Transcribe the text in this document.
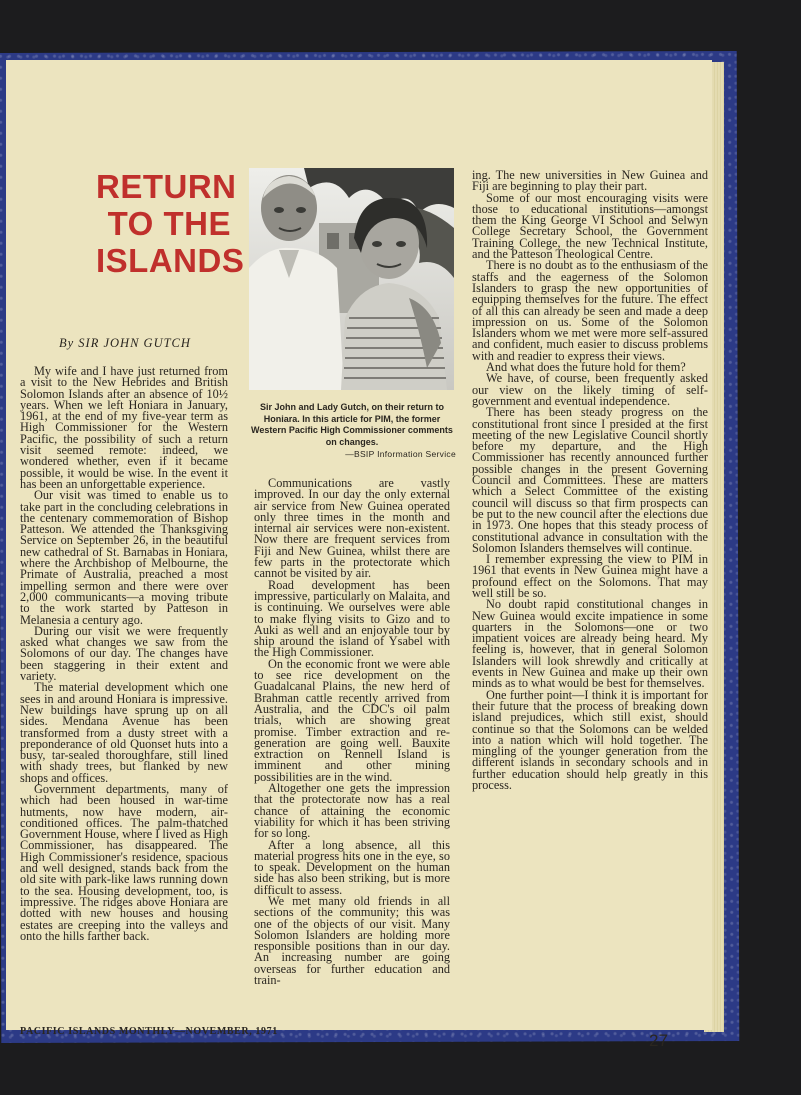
RETURN
TO THE
ISLANDS
By SIR JOHN GUTCH

My wife and I have just returned from a visit to the New Hebrides and British Solomon Islands after an absence of 10½ years. When we left Honiara in January, 1961, at the end of my five-year term as High Commissioner for the Western Pacific, the possibility of such a return visit seemed remote: indeed, we wondered whether, even if it became possible, it would be wise. In the event it has been an unforgettable experience.

Our visit was timed to enable us to take part in the concluding celebrations in the centenary commemoration of Bishop Patteson. We attended the Thanksgiving Service on September 26, in the beautiful new cathedral of St. Barnabas in Honiara, where the Archbishop of Melbourne, the Primate of Australia, preached a most impelling sermon and there were over 2,000 communicants—a moving tribute to the work started by Patteson in Melanesia a century ago.

During our visit we were frequently asked what changes we saw from the Solomons of our day. The changes have been staggering in their extent and variety.

The material development which one sees in and around Honiara is impressive. New buildings have sprung up on all sides. Mendana Avenue has been transformed from a dusty street with a preponderance of old Quonset huts into a busy, tar-sealed thoroughfare, still lined with shady trees, but flanked by new shops and offices.

Government departments, many of which had been housed in war-time hutments, now have modern, air-conditioned offices. The palm-thatched Government House, where I lived as High Commissioner, has disappeared. The High Commissioner's residence, spacious and well designed, stands back from the old site with park-like laws running down to the sea. Housing development, too, is impressive. The ridges above Honiara are dotted with new houses and housing estates are creeping into the valleys and onto the hills farther back.

Sir John and Lady Gutch, on their return to Honiara. In this article for PIM, the former Western Pacific High Commissioner comments on changes.
—BSIP Information Service

Communications are vastly improved. In our day the only external air service from New Guinea operated only three times in the month and internal air services were non-existent. Now there are frequent services from Fiji and New Guinea, whilst there are few parts in the protectorate which cannot be visited by air.

Road development has been impressive, particularly on Malaita, and is continuing. We ourselves were able to make flying visits to Gizo and to Auki as well and an enjoyable tour by ship around the island of Ysabel with the High Commissioner.

On the economic front we were able to see rice development on the Guadalcanal Plains, the new herd of Brahman cattle recently arrived from Australia, and the CDC's oil palm trials, which are showing great promise. Timber extraction and re-generation are going well. Bauxite extraction on Rennell Island is imminent and other mining possibilities are in the wind.

Altogether one gets the impression that the protectorate now has a real chance of attaining the economic viability for which it has been striving for so long.

After a long absence, all this material progress hits one in the eye, so to speak. Development on the human side has also been striking, but is more difficult to assess.

We met many old friends in all sections of the community; this was one of the objects of our visit. Many Solomon Islanders are holding more responsible positions than in our day. An increasing number are going overseas for further education and train-

ing. The new universities in New Guinea and Fiji are beginning to play their part.

Some of our most encouraging visits were those to educational institutions—amongst them the King George VI School and Selwyn College Secretary School, the Government Training College, the new Technical Institute, and the Patteson Theological Centre.

There is no doubt as to the enthusiasm of the staffs and the eagerness of the Solomon Islanders to grasp the new opportunities of equipping themselves for the future. The effect of all this can already be seen and made a deep impression on us. Some of the Solomon Islanders whom we met were more self-assured and confident, much easier to discuss problems with and readier to express their views.

And what does the future hold for them?

We have, of course, been frequently asked our view on the likely timing of self-government and eventual independence.

There has been steady progress on the constitutional front since I presided at the first meeting of the new Legislative Council shortly before my departure, and the High Commissioner has recently announced further possible changes in the present Governing Council and Committees. These are matters which a Select Committee of the existing council will discuss so that firm prospects can be put to the new council after the elections due in 1973. One hopes that this steady process of constitutional advance in consultation with the Solomon Islanders themselves will continue.

I remember expressing the view to PIM in 1961 that events in New Guinea might have a profound effect on the Solomons. That may well still be so.

No doubt rapid constitutional changes in New Guinea would excite impatience in some quarters in the Solomons—one or two impatient voices are already being heard. My feeling is, however, that in general Solomon Islanders will look shrewdly and critically at events in New Guinea and make up their own minds as to what would be best for themselves.

One further point—I think it is important for their future that the process of breaking down island prejudices, which still exist, should continue so that the Solomons can be welded into a nation which will hold together. The mingling of the younger generation from the different islands in secondary schools and in further education should help greatly in this process.

PACIFIC ISLANDS MONTHLY—NOVEMBER, 1971	27
